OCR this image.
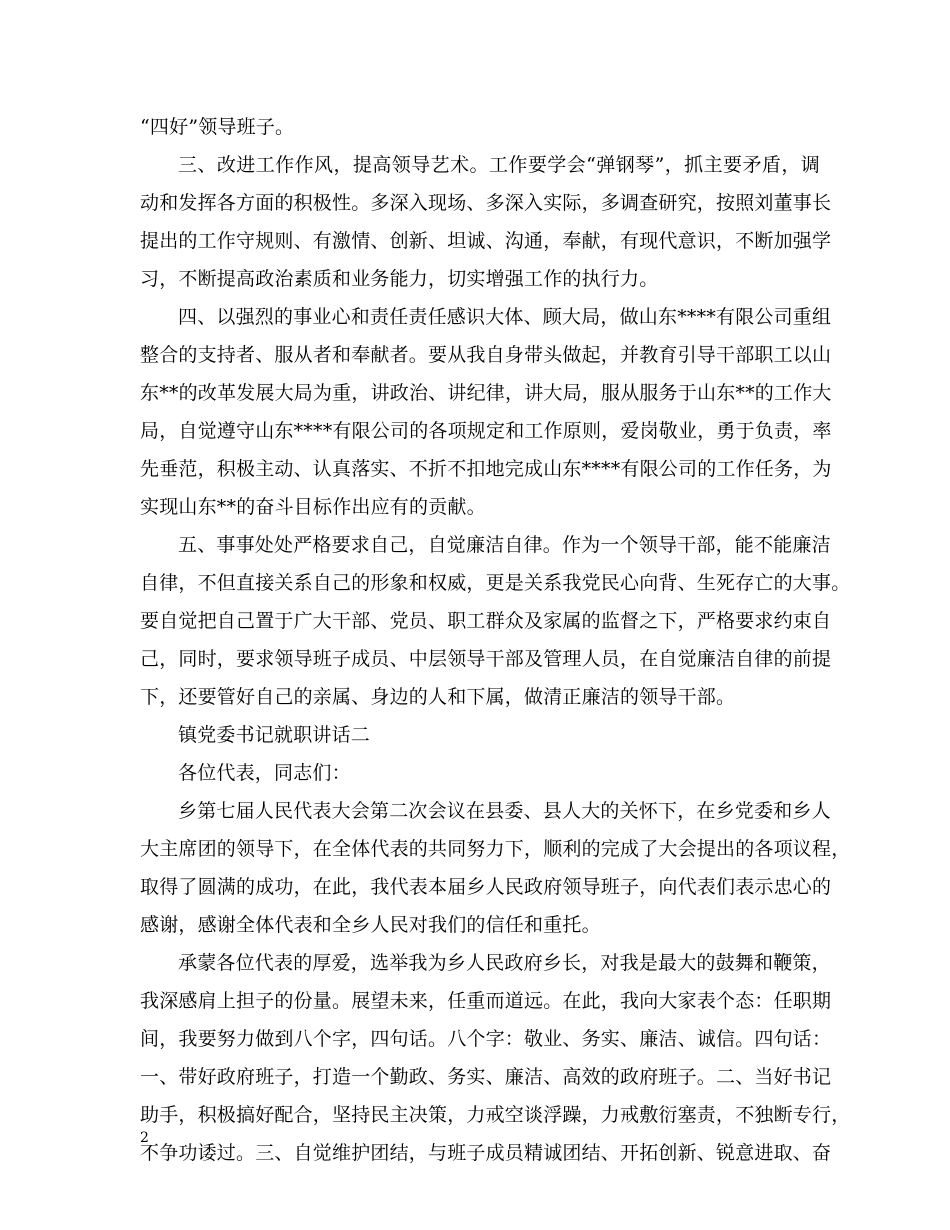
“四好”领导班子。
三、改进工作作风，提高领导艺术。工作要学会“弹钢琴”，抓主要矛盾，调
动和发挥各方面的积极性。多深入现场、多深入实际，多调查研究，按照刘董事长
提出的工作守规则、有激情、创新、坦诚、沟通，奉献，有现代意识，不断加强学
习，不断提高政治素质和业务能力，切实增强工作的执行力。
四、以强烈的事业心和责任责任感识大体、顾大局，做山东****有限公司重组
整合的支持者、服从者和奉献者。要从我自身带头做起，并教育引导干部职工以山
东**的改革发展大局为重，讲政治、讲纪律，讲大局，服从服务于山东**的工作大
局，自觉遵守山东****有限公司的各项规定和工作原则，爱岗敬业，勇于负责，率
先垂范，积极主动、认真落实、不折不扣地完成山东****有限公司的工作任务，为
实现山东**的奋斗目标作出应有的贡献。
五、事事处处严格要求自己，自觉廉洁自律。作为一个领导干部，能不能廉洁
自律，不但直接关系自己的形象和权威，更是关系我党民心向背、生死存亡的大事。
要自觉把自己置于广大干部、党员、职工群众及家属的监督之下，严格要求约束自
己，同时，要求领导班子成员、中层领导干部及管理人员，在自觉廉洁自律的前提
下，还要管好自己的亲属、身边的人和下属，做清正廉洁的领导干部。
镇党委书记就职讲话二
各位代表，同志们：
乡第七届人民代表大会第二次会议在县委、县人大的关怀下，在乡党委和乡人
大主席团的领导下，在全体代表的共同努力下，顺利的完成了大会提出的各项议程，
取得了圆满的成功，在此，我代表本届乡人民政府领导班子，向代表们表示忠心的
感谢，感谢全体代表和全乡人民对我们的信任和重托。
承蒙各位代表的厚爱，选举我为乡人民政府乡长，对我是最大的鼓舞和鞭策，
我深感肩上担子的份量。展望未来，任重而道远。在此，我向大家表个态：任职期
间，我要努力做到八个字，四句话。八个字：敬业、务实、廉洁、诚信。四句话：
一、带好政府班子，打造一个勤政、务实、廉洁、高效的政府班子。二、当好书记
助手，积极搞好配合，坚持民主决策，力戒空谈浮躁，力戒敷衍塞责，不独断专行，
不争功诿过。三、自觉维护团结，与班子成员精诚团结、开拓创新、锐意进取、奋
2
